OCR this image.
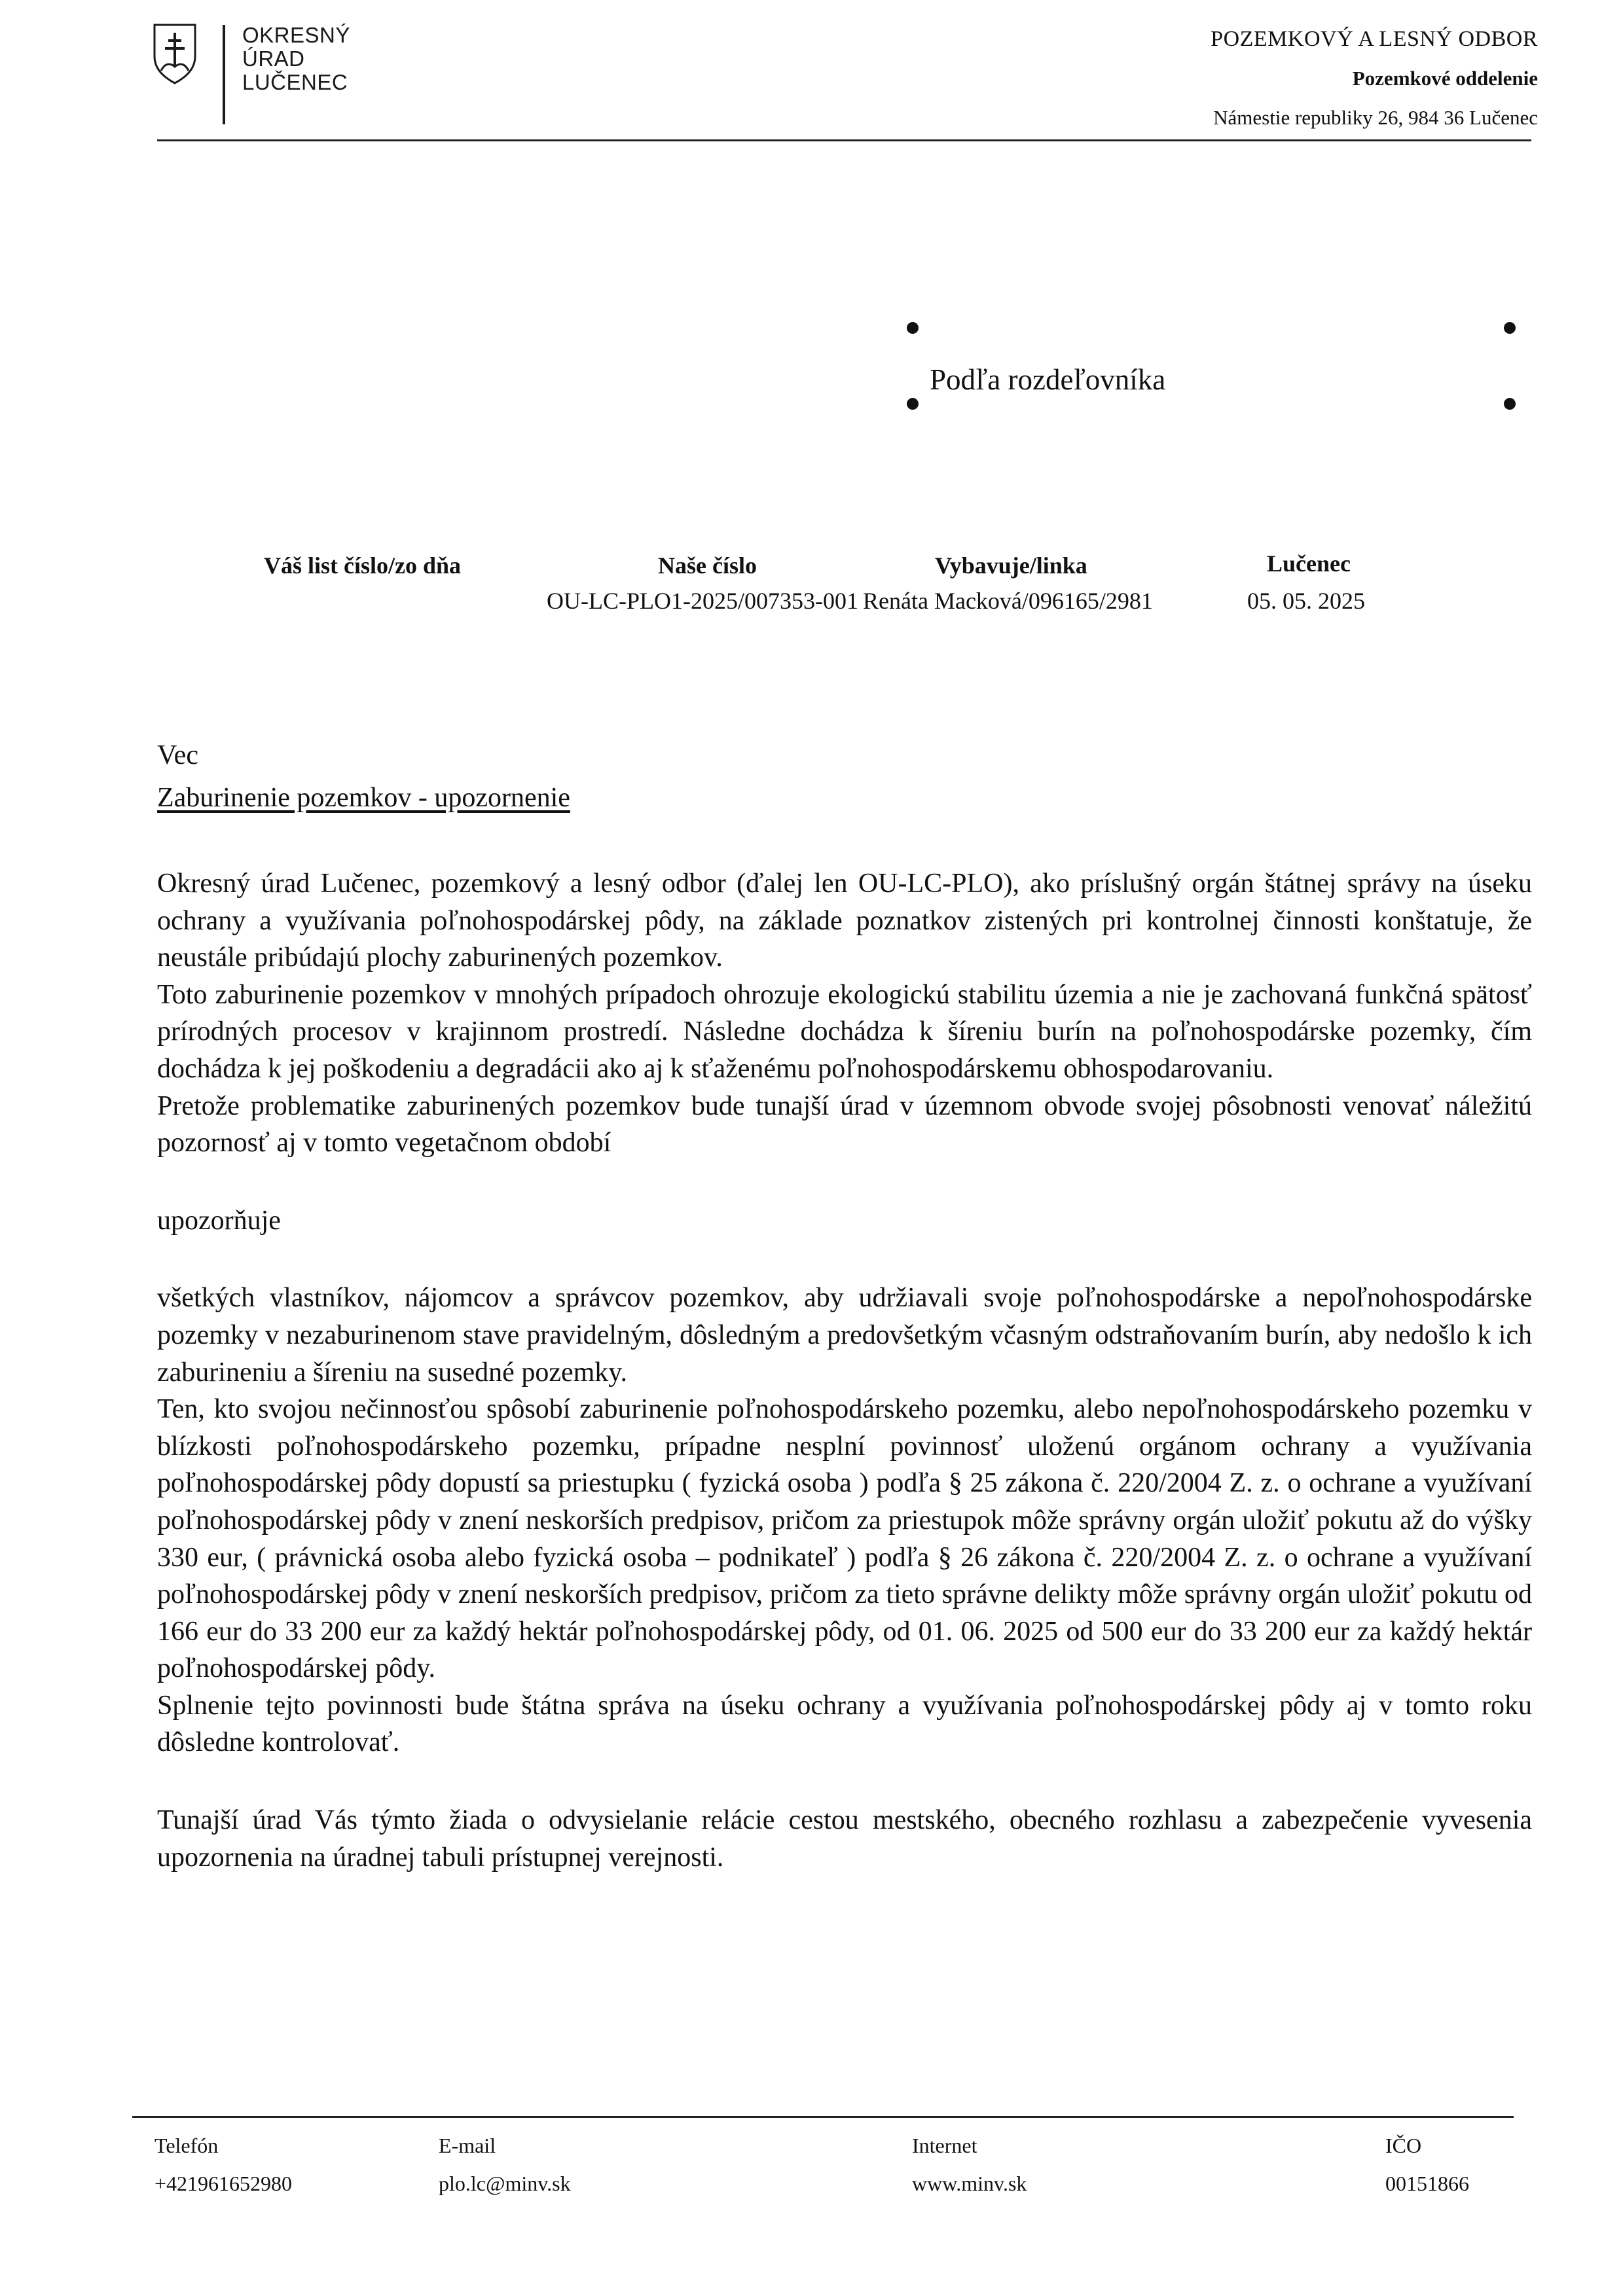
OKRESNÝ
ÚRAD
LUČENEC
POZEMKOVÝ A LESNÝ ODBOR
Pozemkové oddelenie
Námestie republiky 26, 984 36 Lučenec
Podľa rozdeľovníka
Váš list číslo/zo dňa	Naše číslo
OU-LC-PLO1-2025/007353-001
Vybavuje/linka
Renáta Macková/096165/2981
Lučenec
05. 05. 2025
Vec
Zaburinenie pozemkov - upozornenie

Okresný úrad Lučenec, pozemkový a lesný odbor (ďalej len OU-LC-PLO), ako príslušný orgán štátnej správy na úseku ochrany a využívania poľnohospodárskej pôdy, na základe poznatkov zistených pri kontrolnej činnosti konštatuje, že neustále pribúdajú plochy zaburinených pozemkov.

Toto zaburinenie pozemkov v mnohých prípadoch ohrozuje ekologickú stabilitu územia a nie je zachovaná funkčná spätosť prírodných procesov v krajinnom prostredí. Následne dochádza k šíreniu burín na poľnohospodárske pozemky, čím dochádza k jej poškodeniu a degradácii ako aj k sťaženému poľnohospodárskemu obhospodarovaniu.

Pretože problematike zaburinených pozemkov bude tunajší úrad v územnom obvode svojej pôsobnosti venovať náležitú pozornosť aj v tomto vegetačnom období

upozorňuje

všetkých vlastníkov, nájomcov a správcov pozemkov, aby udržiavali svoje poľnohospodárske a nepoľnohospodárske pozemky v nezaburinenom stave pravidelným, dôsledným a predovšetkým včasným odstraňovaním burín, aby nedošlo k ich zaburineniu a šíreniu na susedné pozemky.

Ten, kto svojou nečinnosťou spôsobí zaburinenie poľnohospodárskeho pozemku, alebo nepoľnohospodárskeho pozemku v blízkosti poľnohospodárskeho pozemku, prípadne nesplní povinnosť uloženú orgánom ochrany a využívania poľnohospodárskej pôdy dopustí sa priestupku ( fyzická osoba ) podľa § 25 zákona č. 220/2004 Z. z. o ochrane a využívaní poľnohospodárskej pôdy v znení neskorších predpisov, pričom za priestupok môže správny orgán uložiť pokutu až do výšky 330 eur, ( právnická osoba alebo fyzická osoba – podnikateľ ) podľa § 26 zákona č. 220/2004 Z. z. o ochrane a využívaní poľnohospodárskej pôdy v znení neskorších predpisov, pričom za tieto správne delikty môže správny orgán uložiť pokutu od 166 eur do 33 200 eur za každý hektár poľnohospodárskej pôdy, od 01. 06. 2025 od 500 eur do 33 200 eur za každý hektár poľnohospodárskej pôdy.

Splnenie tejto povinnosti bude štátna správa na úseku ochrany a využívania poľnohospodárskej pôdy aj v tomto roku dôsledne kontrolovať.

Tunajší úrad Vás týmto žiada o odvysielanie relácie cestou mestského, obecného rozhlasu a zabezpečenie vyvesenia upozornenia na úradnej tabuli prístupnej verejnosti.

Telefón
+421961652980
E-mail
plo.lc@minv.sk
Internet
www.minv.sk
IČO
00151866
